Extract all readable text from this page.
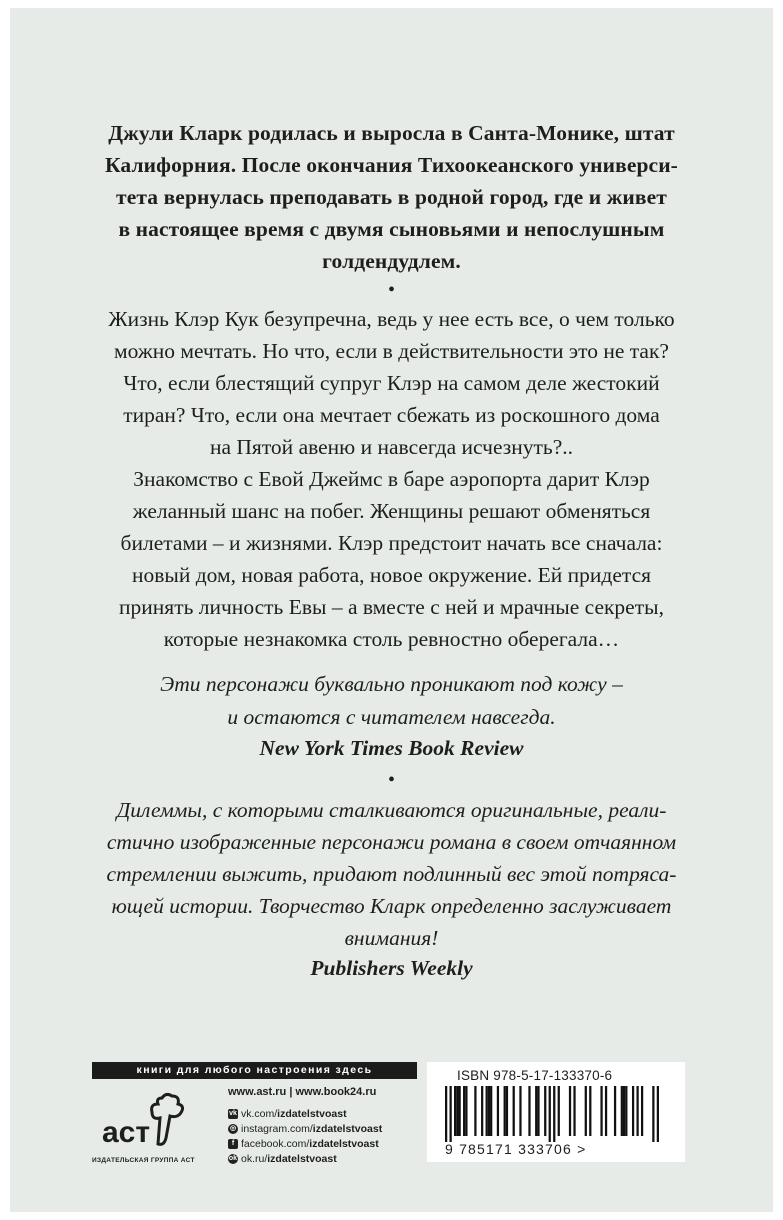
Джули Кларк родилась и выросла в Санта-Монике, штат
Калифорния. После окончания Тихоокеанского универси-
тета вернулась преподавать в родной город, где и живет
в настоящее время с двумя сыновьями и непослушным
голдендудлем.
•
Жизнь Клэр Кук безупречна, ведь у нее есть все, о чем только
можно мечтать. Но что, если в действительности это не так?
Что, если блестящий супруг Клэр на самом деле жестокий
тиран? Что, если она мечтает сбежать из роскошного дома
на Пятой авеню и навсегда исчезнуть?..
Знакомство с Евой Джеймс в баре аэропорта дарит Клэр
желанный шанс на побег. Женщины решают обменяться
билетами – и жизнями. Клэр предстоит начать все сначала:
новый дом, новая работа, новое окружение. Ей придется
принять личность Евы – а вместе с ней и мрачные секреты,
которые незнакомка столь ревностно оберегала…
Эти персонажи буквально проникают под кожу –
и остаются с читателем навсегда.
New York Times Book Review
•
Дилеммы, с которыми сталкиваются оригинальные, реали-
стично изображенные персонажи романа в своем отчаянном
стремлении выжить, придают подлинный вес этой потряса-
ющей истории. Творчество Кларк определенно заслуживает
внимания!
Publishers Weekly
книги для любого настроения здесь
аст
ИЗДАТЕЛЬСКАЯ ГРУППА АСТ
www.ast.ru | www.book24.ru
vk vk.com/ izdatelstvoast
◎ instagram.com/ izdatelstvoast
f facebook.com/ izdatelstvoast
ok ok.ru/ izdatelstvoast
ISBN 978-5-17-133370-6
9 785171 333706 >
